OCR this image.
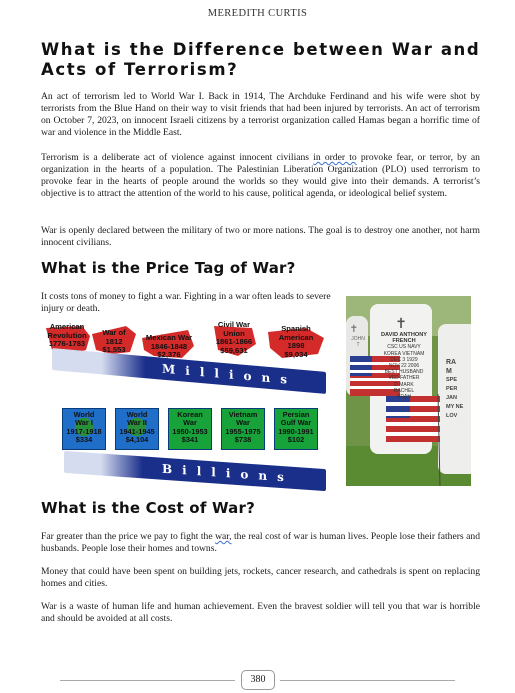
MEREDITH CURTIS
What is the Difference between War and Acts of Terrorism?

An act of terrorism led to World War I. Back in 1914, The Archduke Ferdinand and his wife were shot by terrorists from the Blue Hand on their way to visit friends that had been injured by terrorists. An act of terrorism on October 7, 2023, on innocent Israeli citizens by a terrorist organization called Hamas began a horrific time of war and violence in the Middle East.

Terrorism is a deliberate act of violence against innocent civilians in order to provoke fear, or terror, by an organization in the hearts of a population. The Palestinian Liberation Organization (PLO) used terrorism to provoke fear in the hearts of people around the worlds so they would give into their demands. A terrorist’s objective is to attract the attention of the world to his cause, political agenda, or ideological belief system.

War is openly declared between the military of two or more nations. The goal is to destroy one another, not harm innocent civilians.

What is the Price Tag of War?

It costs tons of money to fight a war. Fighting in a war often leads to severe injury or death.

American
Revolution
1776-1783
War of
1812
$1,553
Mexican War
1846-1848
$2,376
Civil War
Union
1861-1866
$59,631
Spanish
American
1898
$9,034
Millions
World
War I
1917-1918
$334
World
War II
1941-1945
$4,104
Korean
War
1950-1953
$341
Vietnam
War
1955-1975
$738
Persian
Gulf War
1990-1991
$102
Billions
✝
✝	DAVID ANTHONY
FRENCH
CSC US NAVY
KOREA VIETNAM
DEC 3 1929
NOV 22 2006
BEST HUSBAND
VED FATHER
D MARK
RACHEL
ARAH
JOHN
T
RA
M
SPE
PER
JAN
MY NE
LOV
What is the Cost of War?

Far greater than the price we pay to fight the war, the real cost of war is human lives. People lose their fathers and husbands. People lose their homes and towns.

Money that could have been spent on building jets, rockets, cancer research, and cathedrals is spent on replacing homes and cities.

War is a waste of human life and human achievement. Even the bravest soldier will tell you that war is horrible and should be avoided at all costs.

380
